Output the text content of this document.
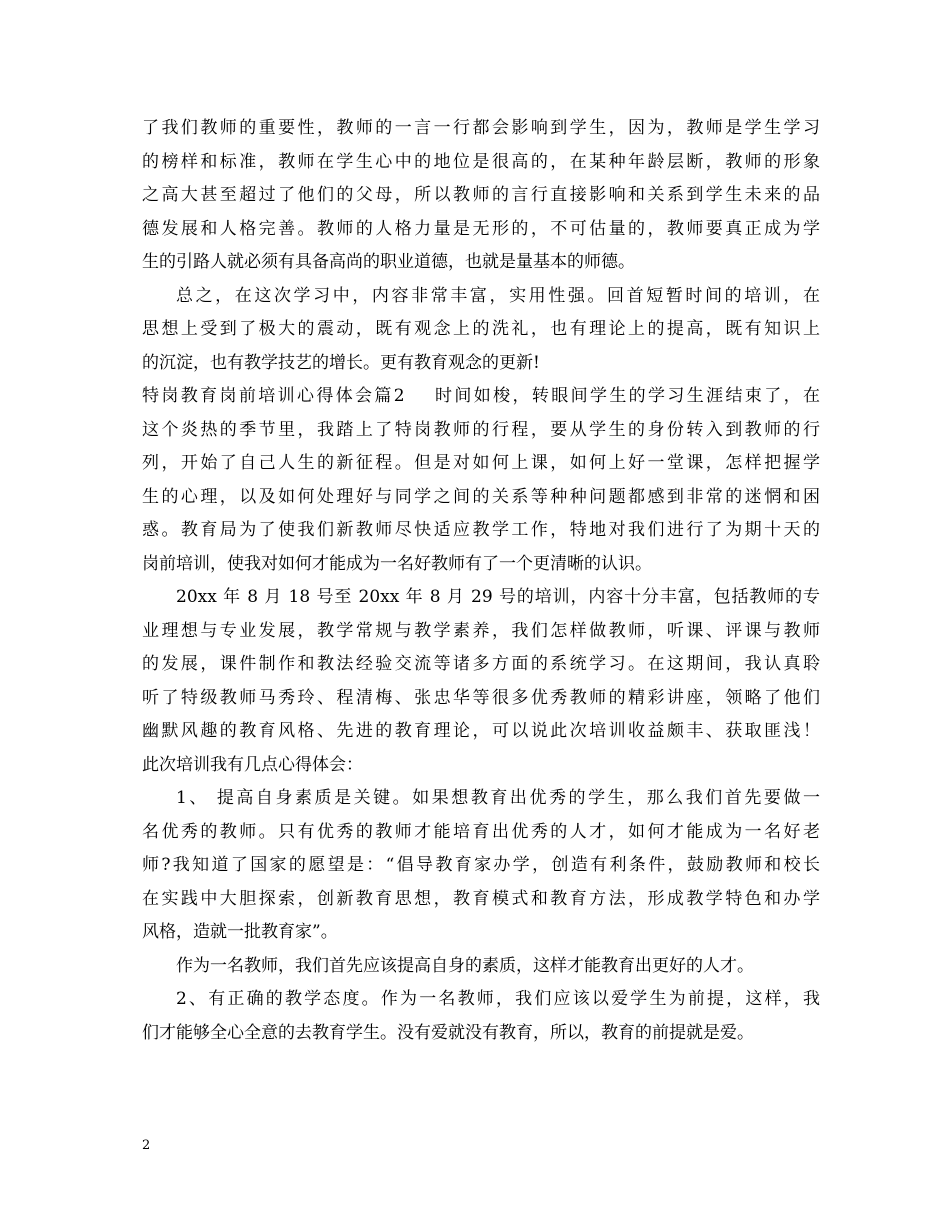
了我们教师的重要性，教师的一言一行都会影响到学生，因为，教师是学生学习
的榜样和标准，教师在学生心中的地位是很高的，在某种年龄层断，教师的形象
之高大甚至超过了他们的父母，所以教师的言行直接影响和关系到学生未来的品
德发展和人格完善。教师的人格力量是无形的，不可估量的，教师要真正成为学
生的引路人就必须有具备高尚的职业道德，也就是量基本的师德。
总之，在这次学习中，内容非常丰富，实用性强。回首短暂时间的培训，在
思想上受到了极大的震动，既有观念上的洗礼，也有理论上的提高，既有知识上
的沉淀，也有教学技艺的增长。更有教育观念的更新!
特岗教育岗前培训心得体会篇2 时间如梭，转眼间学生的学习生涯结束了，在
这个炎热的季节里，我踏上了特岗教师的行程，要从学生的身份转入到教师的行
列，开始了自己人生的新征程。但是对如何上课，如何上好一堂课，怎样把握学
生的心理，以及如何处理好与同学之间的关系等种种问题都感到非常的迷惘和困
惑。教育局为了使我们新教师尽快适应教学工作，特地对我们进行了为期十天的
岗前培训，使我对如何才能成为一名好教师有了一个更清晰的认识。
20xx 年 8 月 18 号至 20xx 年 8 月 29 号的培训，内容十分丰富，包括教师的专
业理想与专业发展，教学常规与教学素养，我们怎样做教师，听课、评课与教师
的发展，课件制作和教法经验交流等诸多方面的系统学习。在这期间，我认真聆
听了特级教师马秀玲、程清梅、张忠华等很多优秀教师的精彩讲座，领略了他们
幽默风趣的教育风格、先进的教育理论，可以说此次培训收益颇丰、获取匪浅！
此次培训我有几点心得体会：
1、 提高自身素质是关键。如果想教育出优秀的学生，那么我们首先要做一
名优秀的教师。只有优秀的教师才能培育出优秀的人才，如何才能成为一名好老
师?我知道了国家的愿望是：“倡导教育家办学，创造有利条件，鼓励教师和校长
在实践中大胆探索，创新教育思想，教育模式和教育方法，形成教学特色和办学
风格，造就一批教育家”。
作为一名教师，我们首先应该提高自身的素质，这样才能教育出更好的人才。
2、有正确的教学态度。作为一名教师，我们应该以爱学生为前提，这样，我
们才能够全心全意的去教育学生。没有爱就没有教育，所以，教育的前提就是爱。
2
